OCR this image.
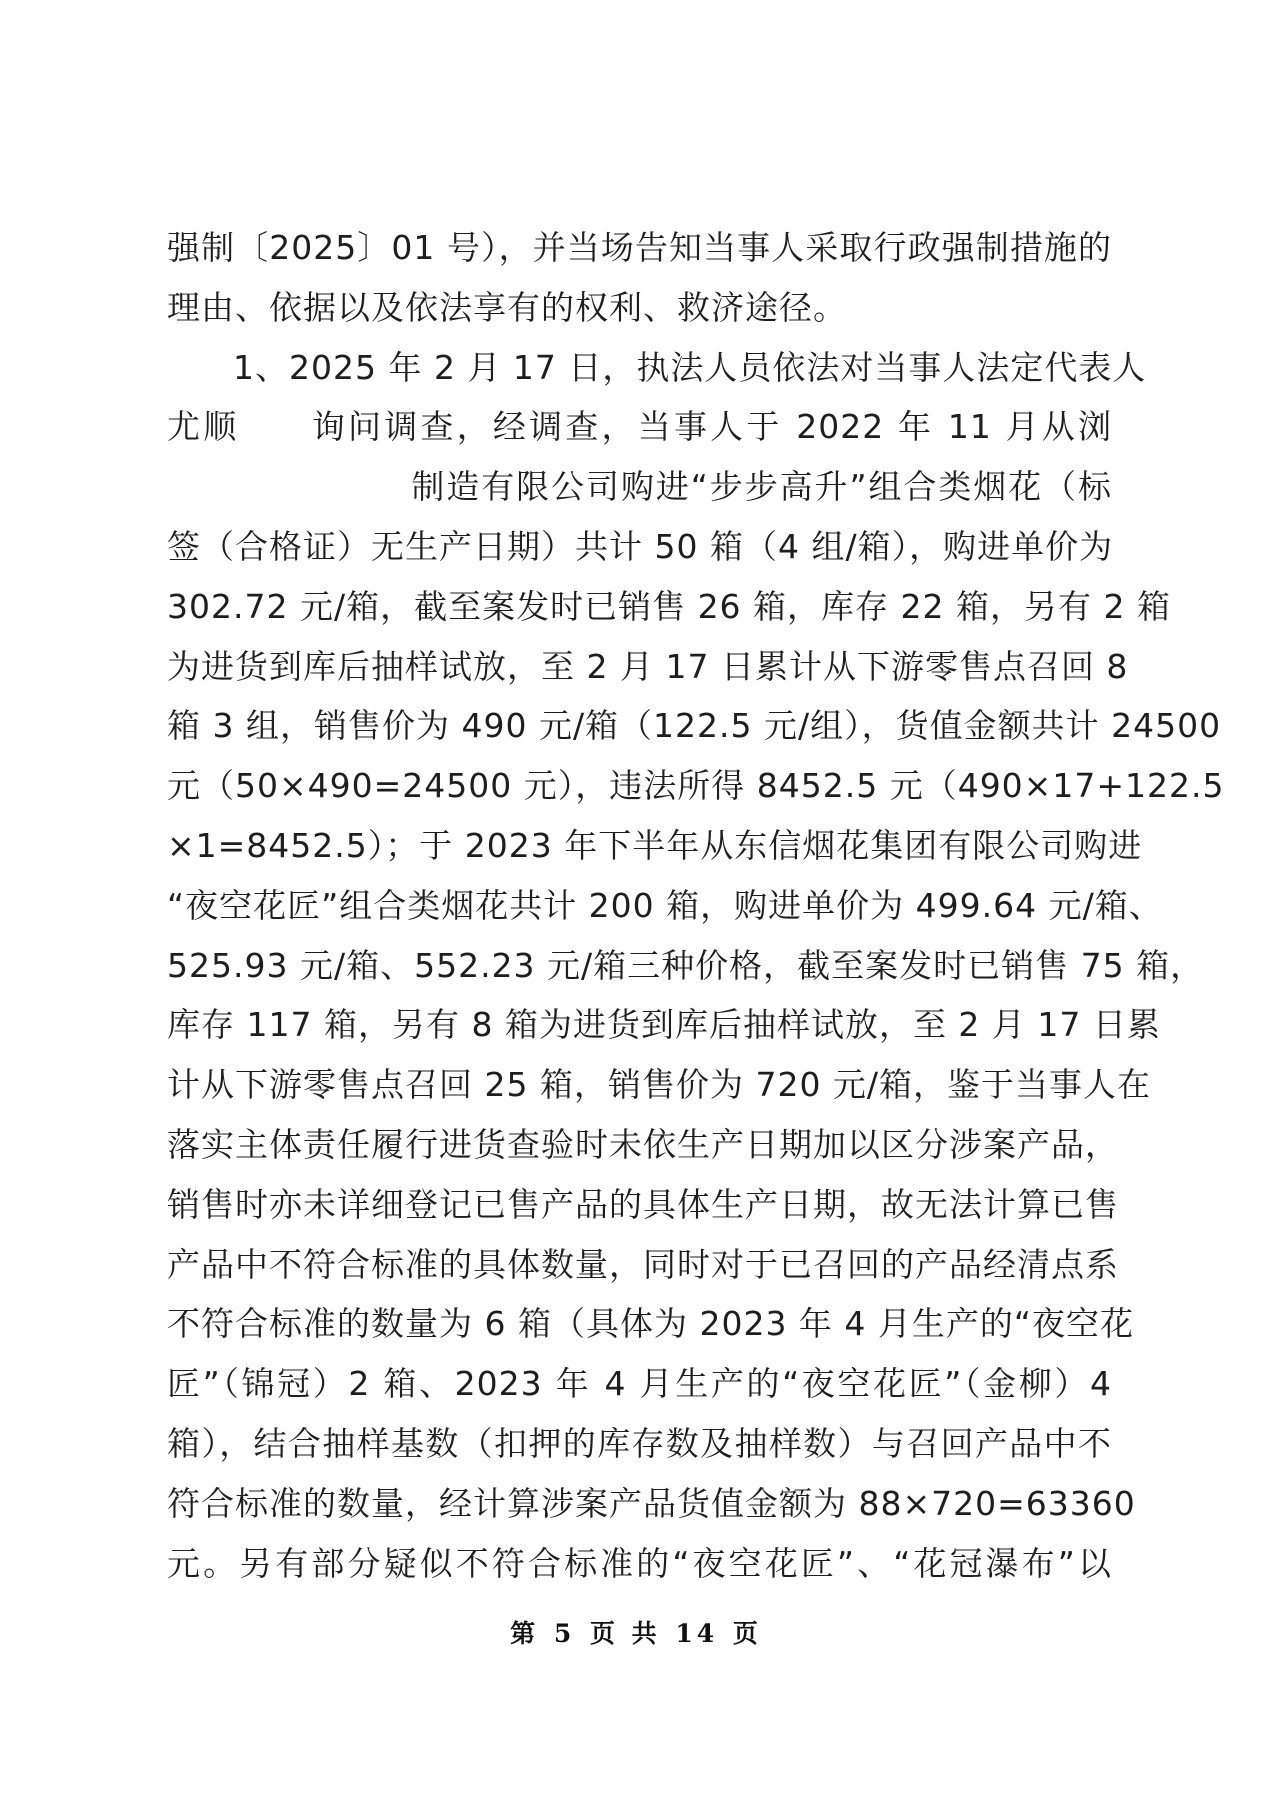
强制〔2025〕01 号），并当场告知当事人采取行政强制措施的
理由、依据以及依法享有的权利、救济途径。
1、2025 年 2 月 17 日，执法人员依法对当事人法定代表人
尤顺　　询问调查，经调查，当事人于 2022 年 11 月从浏
　　　　　　　制造有限公司购进“步步高升”组合类烟花（标
签（合格证）无生产日期）共计 50 箱（4 组/箱），购进单价为
302.72 元/箱，截至案发时已销售 26 箱，库存 22 箱，另有 2 箱
为进货到库后抽样试放，至 2 月 17 日累计从下游零售点召回 8
箱 3 组，销售价为 490 元/箱（122.5 元/组），货值金额共计 24500
元（50×490=24500 元），违法所得 8452.5 元（490×17+122.5
×1=8452.5）；于 2023 年下半年从东信烟花集团有限公司购进
“夜空花匠”组合类烟花共计 200 箱，购进单价为 499.64 元/箱、
525.93 元/箱、552.23 元/箱三种价格，截至案发时已销售 75 箱，
库存 117 箱，另有 8 箱为进货到库后抽样试放，至 2 月 17 日累
计从下游零售点召回 25 箱，销售价为 720 元/箱，鉴于当事人在
落实主体责任履行进货查验时未依生产日期加以区分涉案产品，
销售时亦未详细登记已售产品的具体生产日期，故无法计算已售
产品中不符合标准的具体数量，同时对于已召回的产品经清点系
不符合标准的数量为 6 箱（具体为 2023 年 4 月生产的“夜空花
匠”（锦冠）2 箱、2023 年 4 月生产的“夜空花匠”（金柳）4
箱），结合抽样基数（扣押的库存数及抽样数）与召回产品中不
符合标准的数量，经计算涉案产品货值金额为 88×720=63360
元。另有部分疑似不符合标准的“夜空花匠”、“花冠瀑布”以
第 5 页 共 14 页
